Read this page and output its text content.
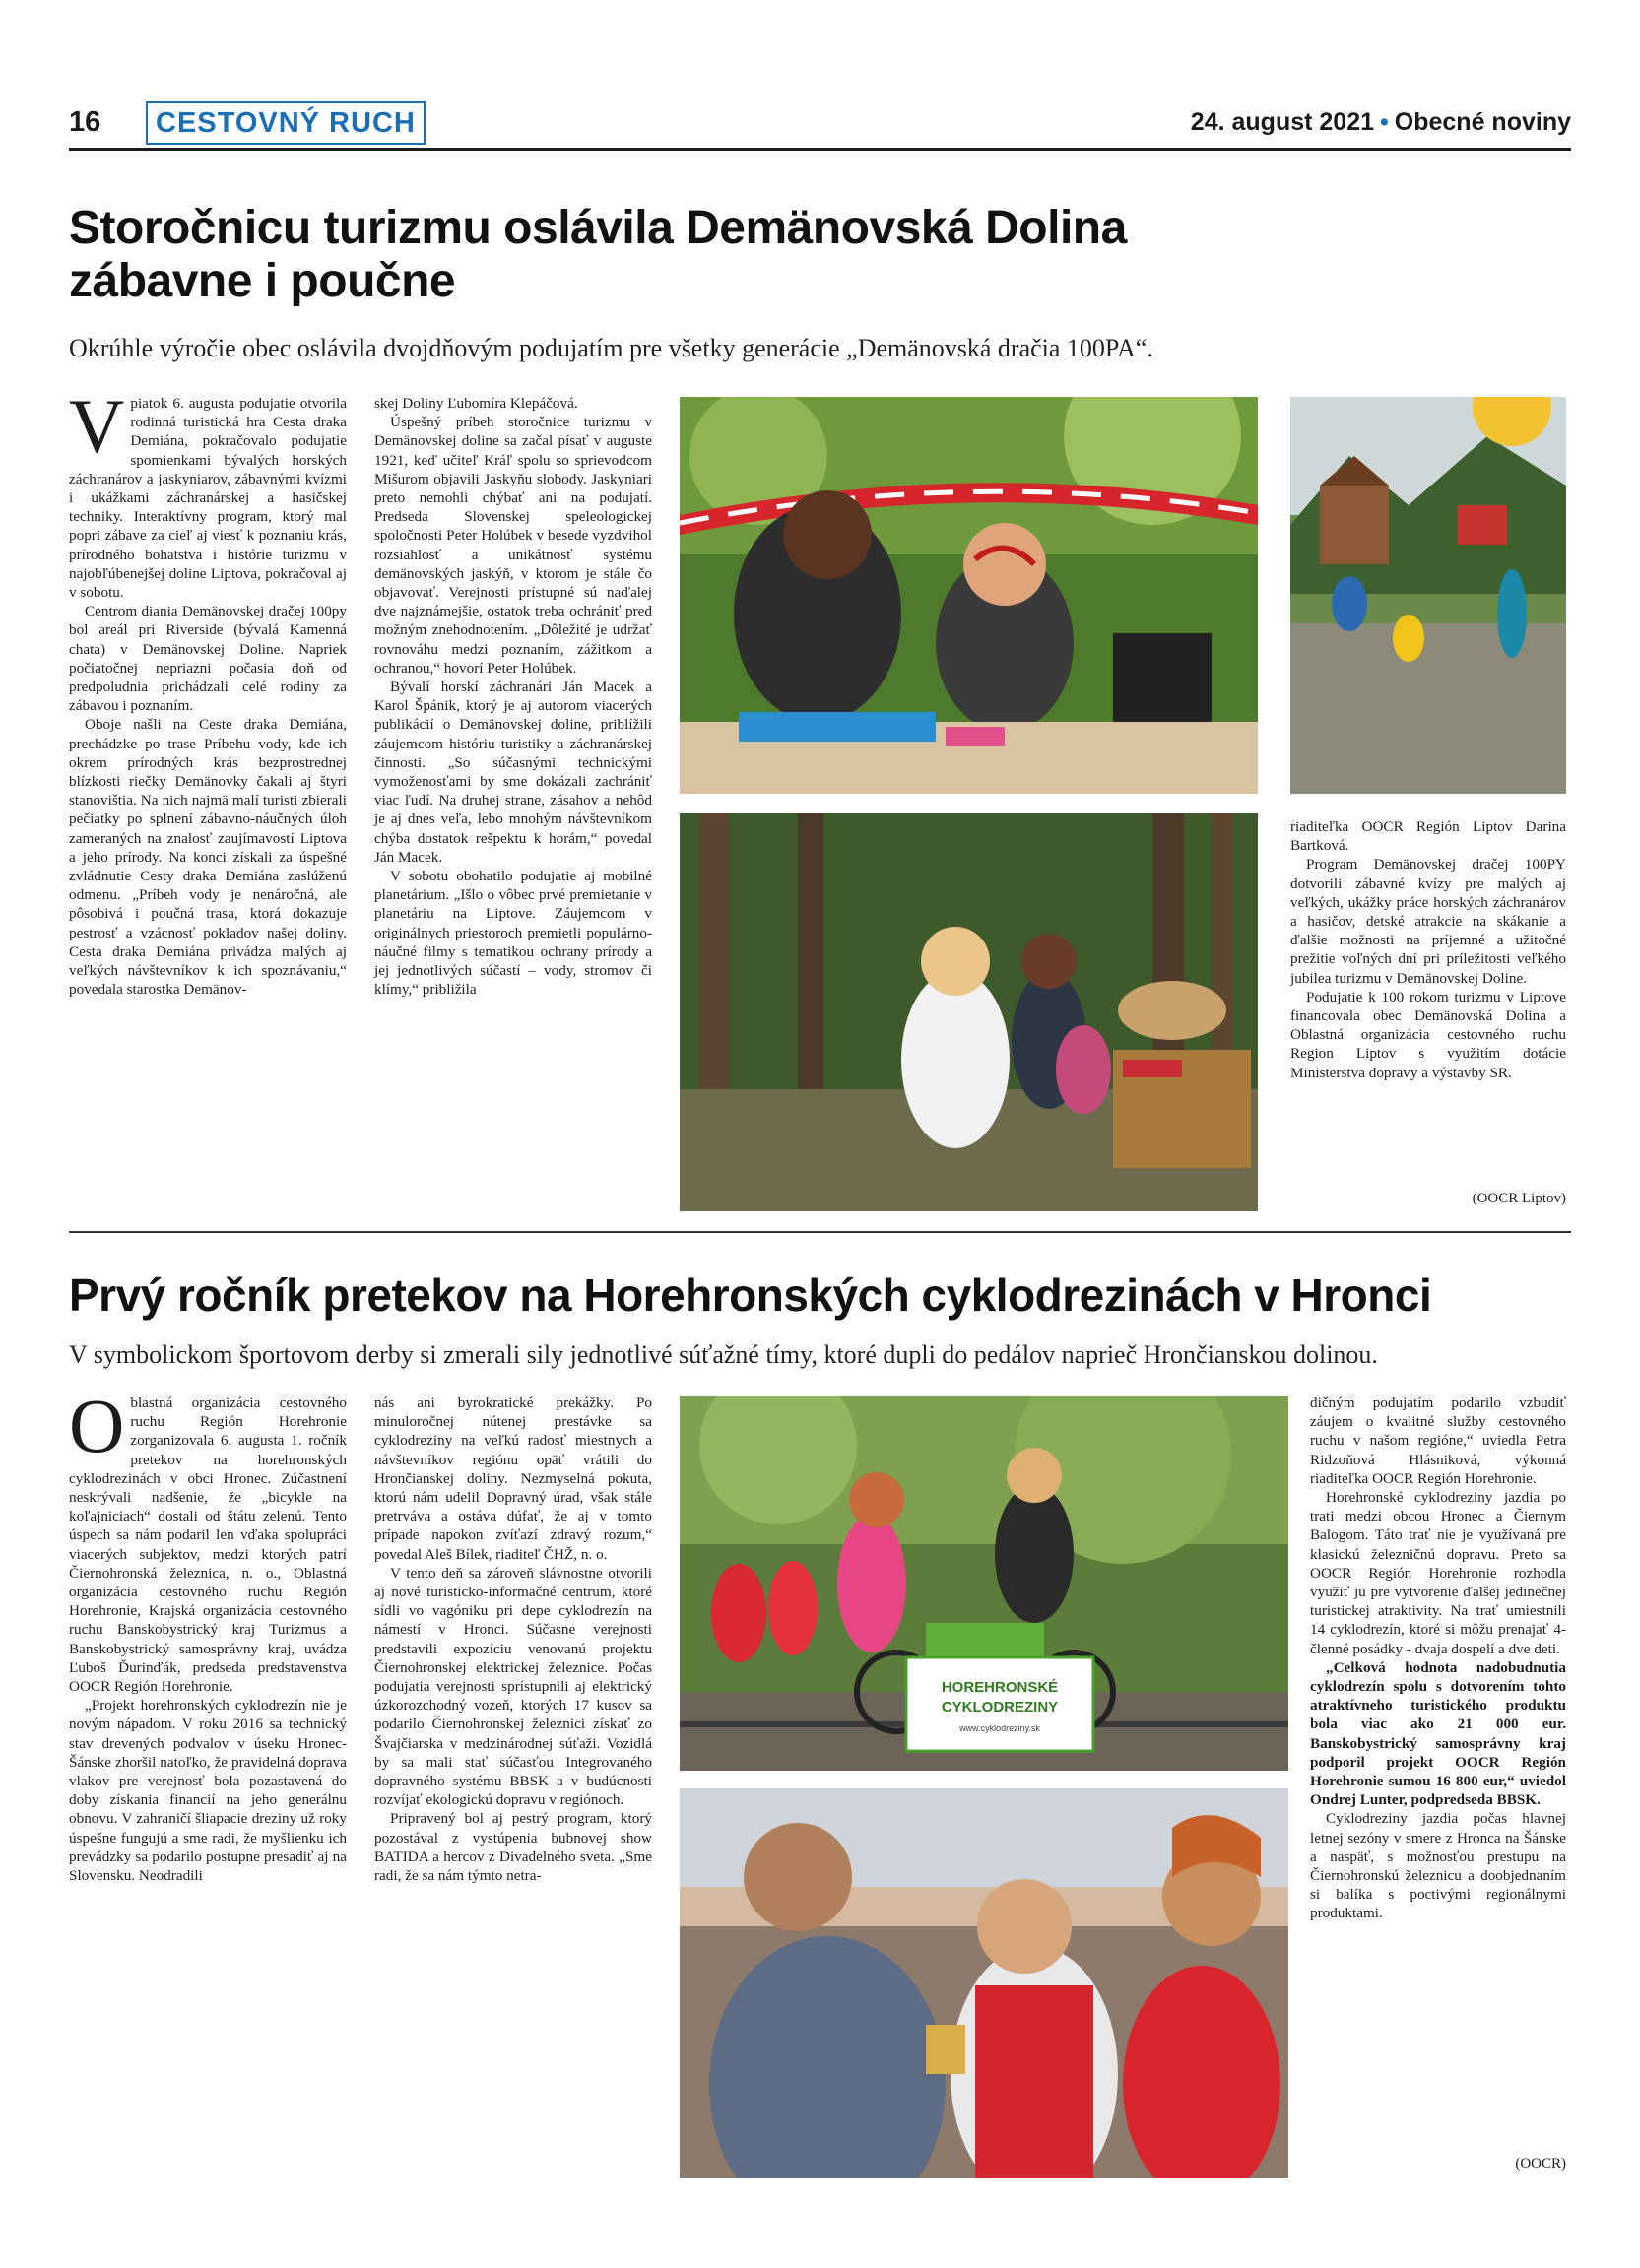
16	CESTOVNÝ RUCH	24. august 2021 • Obecné noviny
Storočnicu turizmu oslávila Demänovská Dolina
zábavne i poučne
Okrúhle výročie obec oslávila dvojdňovým podujatím pre všetky generácie „Demänovská dračia 100PA“.

Vpiatok 6. augusta podujatie otvorila rodinná turistická hra Cesta draka Demiána, pokračovalo podujatie spomienkami bývalých horských záchranárov a jaskyniarov, zábavnými kvízmi i ukážkami záchranárskej a hasičskej techniky. Interaktívny program, ktorý mal popri zábave za cieľ aj viesť k poznaniu krás, prírodného bohatstva i histórie turizmu v najobľúbenejšej doline Liptova, pokračoval aj v sobotu.

Centrom diania Demänovskej dračej 100py bol areál pri Riverside (bývalá Kamenná chata) v Demänovskej Doline. Napriek počiatočnej nepriazni počasia doň od predpoludnia prichádzali celé rodiny za zábavou i poznaním.

Oboje našli na Ceste draka Demiána, prechádzke po trase Príbehu vody, kde ich okrem prírodných krás bezprostrednej blízkosti riečky Demänovky čakali aj štyri stanovištia. Na nich najmä malí turisti zbierali pečiatky po splnení zábavno-náučných úloh zameraných na znalosť zaujímavostí Liptova a jeho prírody. Na konci získali za úspešné zvládnutie Cesty draka Demiána zaslúženú odmenu. „Príbeh vody je nenáročná, ale pôsobivá i poučná trasa, ktorá dokazuje pestrosť a vzácnosť pokladov našej doliny. Cesta draka Demiána privádza malých aj veľkých návštevníkov k ich spoznávaniu,“ povedala starostka Demänov-

skej Doliny Ľubomíra Klepáčová.

Úspešný príbeh storočnice turizmu v Demänovskej doline sa začal písať v auguste 1921, keď učiteľ Kráľ spolu so sprievodcom Mišurom objavili Jaskyňu slobody. Jaskyniari preto nemohli chýbať ani na podujatí. Predseda Slovenskej speleologickej spoločnosti Peter Holúbek v besede vyzdvihol rozsiahlosť a unikátnosť systému demänovských jaskýň, v ktorom je stále čo objavovať. Verejnosti prístupné sú naďalej dve najznámejšie, ostatok treba ochrániť pred možným znehodnotením. „Dôležité je udržať rovnováhu medzi poznaním, zážitkom a ochranou,“ hovorí Peter Holúbek.

Bývalí horskí záchranári Ján Macek a Karol Špánik, ktorý je aj autorom viacerých publikácií o Demänovskej doline, priblížili záujemcom históriu turistiky a záchranárskej činnosti. „So súčasnými technickými vymoženosťami by sme dokázali zachrániť viac ľudí. Na druhej strane, zásahov a nehôd je aj dnes veľa, lebo mnohým návštevníkom chýba dostatok rešpektu k horám,“ povedal Ján Macek.

V sobotu obohatilo podujatie aj mobilné planetárium. „Išlo o vôbec prvé premietanie v planetáriu na Liptove. Záujemcom v originálnych priestoroch premietli populárno-náučné filmy s tematikou ochrany prírody a jej jednotlivých súčastí – vody, stromov či klímy,“ približila

riaditeľka OOCR Región Liptov Darina Bartková.

Program Demänovskej dračej 100PY dotvorili zábavné kvízy pre malých aj veľkých, ukážky práce horských záchranárov a hasičov, detské atrakcie na skákanie a ďalšie možnosti na príjemné a užitočné prežitie voľných dní pri príležitosti veľkého jubilea turizmu v Demänovskej Doline.

Podujatie k 100 rokom turizmu v Liptove financovala obec Demänovská Dolina a Oblastná organizácia cestovného ruchu Region Liptov s využitím dotácie Ministerstva dopravy a výstavby SR.

(OOCR Liptov)
Prvý ročník pretekov na Horehronských cyklodrezinách v Hronci
V symbolickom športovom derby si zmerali sily jednotlivé súťažné tímy, ktoré dupli do pedálov naprieč Hrončianskou dolinou.

Oblastná organizácia cestovného ruchu Región Horehronie zorganizovala 6. augusta 1. ročník pretekov na horehronských cyklodrezinách v obci Hronec. Zúčastnení neskrývali nadšenie, že „bicykle na koľajniciach“ dostali od štátu zelenú. Tento úspech sa nám podaril len vďaka spolupráci viacerých subjektov, medzi ktorých patrí Čiernohronská železnica, n. o., Oblastná organizácia cestovného ruchu Región Horehronie, Krajská organizácia cestovného ruchu Banskobystrický kraj Turizmus a Banskobystrický samosprávny kraj, uvádza Ľuboš Ďurinďák, predseda predstavenstva OOCR Región Horehronie.

„Projekt horehronských cyklodrezín nie je novým nápadom. V roku 2016 sa technický stav drevených podvalov v úseku Hronec-Šánske zhoršil natoľko, že pravidelná doprava vlakov pre verejnosť bola pozastavená do doby získania financií na jeho generálnu obnovu. V zahraničí šliapacie dreziny už roky úspešne fungujú a sme radi, že myšlienku ich prevádzky sa podarilo postupne presadiť aj na Slovensku. Neodradili

nás ani byrokratické prekážky. Po minuloročnej nútenej prestávke sa cyklodreziny na veľkú radosť miestnych a návštevníkov regiónu opäť vrátili do Hrončianskej doliny. Nezmyselná pokuta, ktorú nám udelil Dopravný úrad, však stále pretrváva a ostáva dúfať, že aj v tomto prípade napokon zvíťazí zdravý rozum,“ povedal Aleš Bílek, riaditeľ ČHŽ, n. o.

V tento deň sa zároveň slávnostne otvorili aj nové turisticko-informačné centrum, ktoré sídli vo vagóniku pri depe cyklodrezín na námestí v Hronci. Súčasne verejnosti predstavili expozíciu venovanú projektu Čiernohronskej elektrickej železnice. Počas podujatia verejnosti sprístupnili aj elektrický úzkorozchodný vozeň, ktorých 17 kusov sa podarilo Čiernohronskej železnici získať zo Švajčiarska v medzinárodnej súťaži. Vozidlá by sa mali stať súčasťou Integrovaného dopravného systému BBSK a v budúcnosti rozvíjať ekologickú dopravu v regiónoch.

Pripravený bol aj pestrý program, ktorý pozostával z vystúpenia bubnovej show BATIDA a hercov z Divadelného sveta. „Sme radi, že sa nám týmto netra-

HOREHRONSKÉ
CYKLODREZINY
www.cyklodreziny.sk

dičným podujatím podarilo vzbudiť záujem o kvalitné služby cestovného ruchu v našom regióne,“ uviedla Petra Ridzoňová Hlásniková, výkonná riaditeľka OOCR Región Horehronie.

Horehronské cyklodreziny jazdia po trati medzi obcou Hronec a Čiernym Balogom. Táto trať nie je využívaná pre klasickú železničnú dopravu. Preto sa OOCR Región Horehronie rozhodla využiť ju pre vytvorenie ďalšej jedinečnej turistickej atraktivity. Na trať umiestnili 14 cyklodrezín, ktoré si môžu prenajať 4-členné posádky - dvaja dospelí a dve deti.

„Celková hodnota nadobudnutia cyklodrezín spolu s dotvorením tohto atraktívneho turistického produktu bola viac ako 21 000 eur. Banskobystrický samosprávny kraj podporil projekt OOCR Región Horehronie sumou 16 800 eur,“ uviedol Ondrej Lunter, podpredseda BBSK.

Cyklodreziny jazdia počas hlavnej letnej sezóny v smere z Hronca na Šánske a naspäť, s možnosťou prestupu na Čiernohronskú železnicu a doobjednaním si balíka s poctivými regionálnymi produktami.

(OOCR)
